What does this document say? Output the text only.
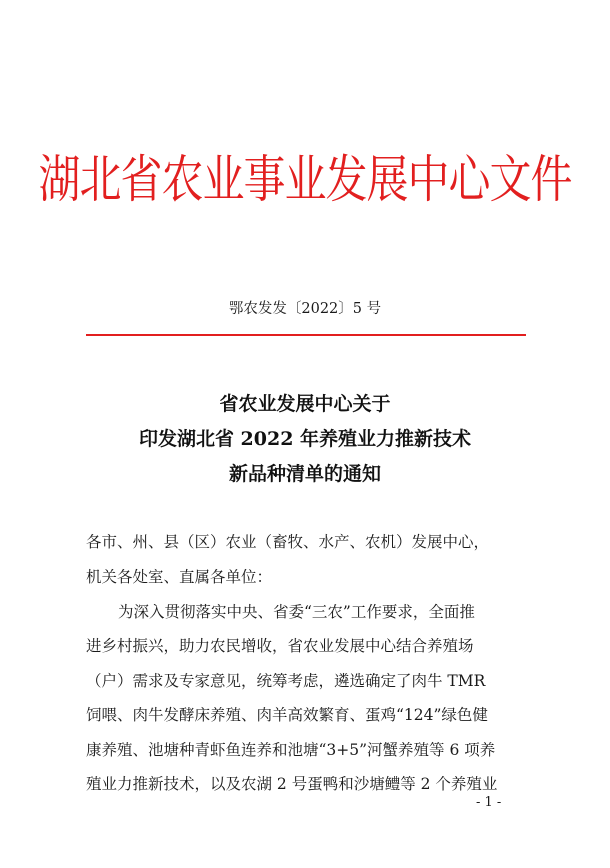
湖北省农业事业发展中心文件
鄂农发发〔2022〕5 号
省农业发展中心关于
印发湖北省 2022 年养殖业力推新技术
新品种清单的通知
各市、州、县（区）农业（畜牧、水产、农机）发展中心，
机关各处室、直属各单位：
为深入贯彻落实中央、省委“三农”工作要求，全面推
进乡村振兴，助力农民增收，省农业发展中心结合养殖场
（户）需求及专家意见，统筹考虑，遴选确定了肉牛 TMR
饲喂、肉牛发酵床养殖、肉羊高效繁育、蛋鸡“124”绿色健
康养殖、池塘种青虾鱼连养和池塘“3+5”河蟹养殖等 6 项养
殖业力推新技术，以及农湖 2 号蛋鸭和沙塘鳢等 2 个养殖业
- 1 -
